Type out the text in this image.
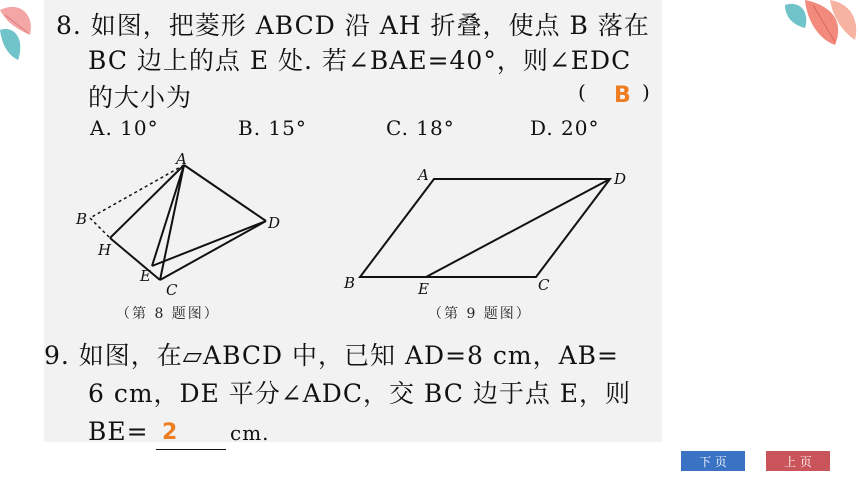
8. 如图，把菱形 ABCD 沿 AH 折叠，使点 B 落在
BC 边上的点 E 处. 若∠BAE=40°，则∠EDC
的大小为	( B )
A. 10°	B. 15°	C. 18°	D. 20°
A
B
H
D
E
C
（第 8 题图）
A	D
B	E	C
（第 9 题图）
9. 如图，在▱ABCD 中，已知 AD=8 cm，AB=
6 cm，DE 平分∠ADC，交 BC 边于点 E，则
BE= 2	cm.
下 页	上 页
